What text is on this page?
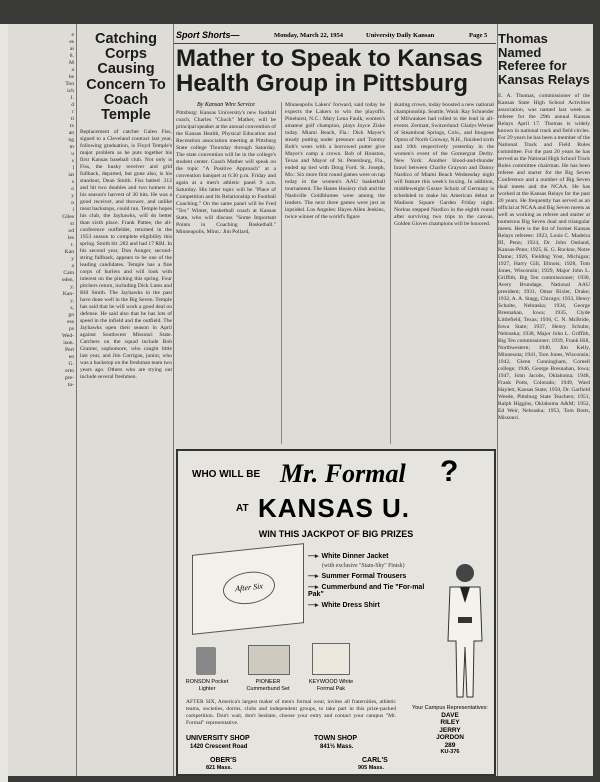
e
es
ai
8.
M
a
be
Ton
ich
J.
d
r
ti
tx
an
ng
m
u
s
l
iat
s
o
y
n
i
Giles
st
od
les
t.
Kan
y
a
Cain
oden,
y,
Kan-
y,
s,
gn
ess
ps
Wed-
ison.
Pert
en
G.
erto
pre-
tu-
Catching Corps Causing Concern To Coach Temple
Replacement of catcher Galen Fiss, signed to a Cleveland contract last year, following graduation, is Floyd Temple's major problem as he puts together his first Kansas baseball club. Not only is Fiss, the husky receiver and grid fullback, departed, but gone also, is his standout, Dean Smith. Fiss batted .312 and hit two doubles and two homers in his season's harvest of 30 hits. He was a good receiver, and thrower, and unlike most backstops, could run. Temple hopes his club, the Jayhawks, will do better than sixth place. Frank Pattee, the all-conference outfielder, returned in the 1953 season to complete eligibility this spring. Smith hit .282 and had 17 RBI. In his second year, Don Aunger, second-string fullback, appears to be one of the leading candidates. Temple has a fine corps of hurlers and will look with interest on the pitching this spring. Four pitchers return, including Dick Lutes and Bill Smith. The Jayhawks in the past have done well in the Big Seven. Temple has said that he will work a good deal on defense. He said also that he has lots of speed in the infield and the outfield. The Jayhawks open their season in April against Southwest Missouri State. Catchers on the squad include Bob Gramer, sophomore, who caught little last year, and Jim Corrigan, junior, who was a backstop on the freshman team two years ago. Others who are trying out include several freshmen.
Sport Shorts—	Monday, March 22, 1954	University Daily Kansan	Page 5
Mather to Speak to Kansas Health Group in Pittsburg
By Kansan Wire Service
Pittsburg: Kansas University's new football coach, Charles "Chuck" Mather, will be principal speaker at the annual convention of the Kansas Health, Physical Education and Recreation association meeting at Pittsburg State college Thursday through Saturday. The state convention will be in the college's student center. Coach Mather will speak on the topic "A Positive Approach" at a convention banquet at 6:30 p.m. Friday and again at a men's athletic panel 9 a.m. Saturday. His latter topic will be "Place of Competition and Its Relationship to Football Coaching." On the same panel will be Fred "Tex" Winter, basketball coach at Kansas State, who will discuss "Some Important Points in Coaching Basketball." Minneapolis, Minn.: Jim Pollard,
Minneapolis Lakers' forward, said today he expects the Lakers to win the playoffs. Pinehurst, N.C.: Mary Lena Faulk, women's amateur golf champion, plays Joyce Ziske today. Miami Beach, Fla.: Dick Mayer's steady putting under pressure and Tommy Bolt's woes with a borrowed putter give Mayer's camp a crown. Bob of Houston, Texas and Mayor of St. Petersburg, Fla., ended up tied with Doug Ford. St. Joseph, Mo.: Six more first round games were on tap today in the women's AAU basketball tournament. The Hanes Hosiery club and the Nashville Goldblumes were among the leaders. The next three games were just as lopsided. Los Angeles: Hayes Allen Jenkins, twice winner of the world's figure
skating crown, today boosted a new national championship. Seattle, Wash: Ray Schneider of Milwaukee had rolled to the lead in all-events. Zermatt, Switzerland: Gladys Werner of Steamboat Springs, Colo., and Imogene Opton of North Conway, N.H., finished sixth and 10th respectively yesterday in the women's event of the Gornergrat Derby. New York: Another blood-and-thunder brawl between Charlie Grayson and Danny Nardico of Miami Beach Wednesday night will feature this week's boxing. In addition, middleweight Gustav Scholz of Germany is scheduled to make his American debut at Madison Square Garden Friday night. Norkus stepped Nardico in the eighth round after surviving two trips to the canvas. Golden Gloves champions will be honored.
WHO WILL BE Mr. Formal ?
AT KANSAS U.
WIN THIS JACKPOT OF BIG PRIZES
After Six
—▸ White Dinner Jacket
(with exclusive "Stain-Shy" Finish)
—▸ Summer Formal Trousers
—▸ Cummerbund and Tie "For-mal Pak"
—▸ White Dress Shirt
RONSON Pocket Lighter
PIONEER Cummerbund Set
KEYWOOD White Formal Pak
AFTER SIX, America's largest maker of men's formal wear, invites all fraternities, athletic teams, societies, dorms, clubs and independent groups, to take part in this prize-packed competition. Don't wait, don't hesitate, choose your entry and contact your campus "Mr. Formal" representative.
UNIVERSITY SHOP
1420 Crescent Road
TOWN SHOP
841½ Mass.
OBER'S
821 Mass.
CARL'S
905 Mass.
Your Campus Representatives:
DAVE
RILEY
JERRY
JORDON
289
KU-376
Thomas Named Referee for Kansas Relays
E. A. Thomas, commissioner of the Kansas State High School Activities association, was named last week as referee for the 29th annual Kansas Relays April 17. Thomas is widely known in national track and field circles. For 29 years he has been a member of the National Track and Field Rules committee. For the past 20 years he has served as the National High School Track Rules committee chairman. He has been referee and starter for the Big Seven Conference and a number of Big Seven dual meets and the NCAA. He has worked at the Kansas Relays for the past 20 years. He frequently has served as an official at NCAA and Big Seven meets as well as working as referee and starter at numerous Big Seven dual and triangular meets. Here is the list of former Kansas Relays referees: 1923, Louis C. Madeira III, Penn; 1924, Dr. John Outland, Kansas-Penn; 1925, K. G. Rockne, Notre Dame; 1926, Fielding Yost, Michigan; 1927, Harry Gill, Illinois; 1928, Tom Jones, Wisconsin; 1929, Major John L. Griffith, Big Ten commissioner; 1930, Avery Brundage, National AAU president; 1931, Omar Bixler, Drake; 1932, A. A. Stagg, Chicago; 1933, Henry Schulte, Nebraska; 1934, George Bresnahan, Iowa; 1935, Clyde Littlefield, Texas; 1936, C. N. McBride, Iowa State; 1937, Henry Schulte, Nebraska; 1938, Major John L. Griffith, Big Ten commissioner; 1939, Frank Hill, Northwestern; 1940, Jim Kelly, Minnesota; 1941, Tom Jones, Wisconsin; 1942, Glenn Cunningham, Cornell college; 1946, George Bresnahan, Iowa; 1947, John Jacobs, Oklahoma; 1948, Frank Potts, Colorado; 1949, Ward Haylett, Kansas State; 1950, Dr. Garfield Weede, Pittsburg State Teachers; 1951, Ralph Higgins, Oklahoma A&M; 1952, Ed Weir, Nebraska; 1953, Tom Botts, Missouri.
